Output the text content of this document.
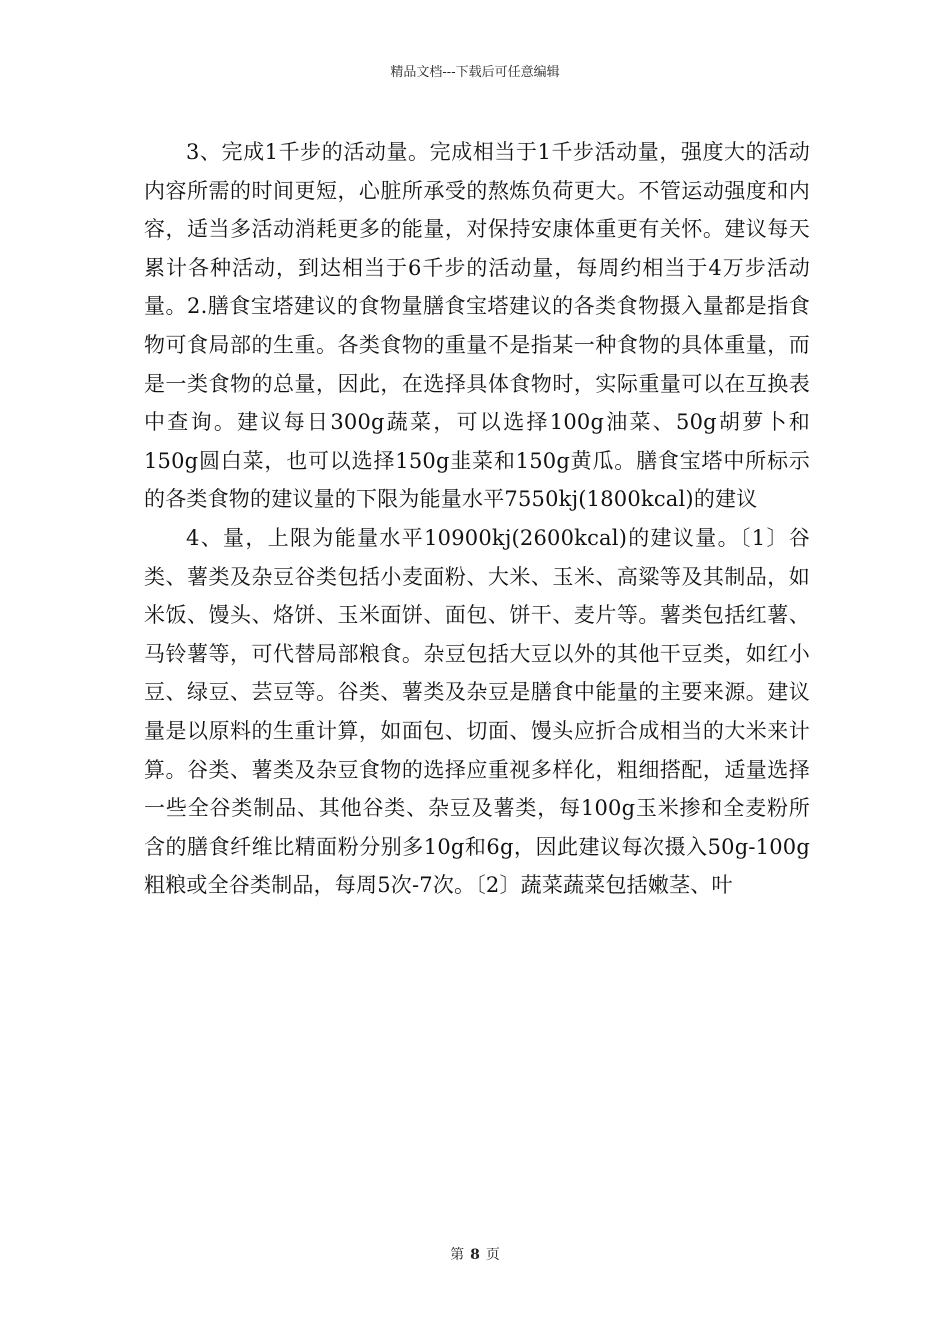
精品文档---下载后可任意编辑

3、完成1千步的活动量。完成相当于1千步活动量，强度大的活动内容所需的时间更短，心脏所承受的熬炼负荷更大。不管运动强度和内容，适当多活动消耗更多的能量，对保持安康体重更有关怀。建议每天累计各种活动，到达相当于6千步的活动量，每周约相当于4万步活动量。2.膳食宝塔建议的食物量膳食宝塔建议的各类食物摄入量都是指食物可食局部的生重。各类食物的重量不是指某一种食物的具体重量，而是一类食物的总量，因此，在选择具体食物时，实际重量可以在互换表中查询。建议每日300g蔬菜，可以选择100g油菜、50g胡萝卜和150g圆白菜，也可以选择150g韭菜和150g黄瓜。膳食宝塔中所标示的各类食物的建议量的下限为能量水平7550kj(1800kcal)的建议

4、量，上限为能量水平10900kj(2600kcal)的建议量。〔1〕谷类、薯类及杂豆谷类包括小麦面粉、大米、玉米、高粱等及其制品，如米饭、馒头、烙饼、玉米面饼、面包、饼干、麦片等。薯类包括红薯、马铃薯等，可代替局部粮食。杂豆包括大豆以外的其他干豆类，如红小豆、绿豆、芸豆等。谷类、薯类及杂豆是膳食中能量的主要来源。建议量是以原料的生重计算，如面包、切面、馒头应折合成相当的大米来计算。谷类、薯类及杂豆食物的选择应重视多样化，粗细搭配，适量选择一些全谷类制品、其他谷类、杂豆及薯类，每100g玉米掺和全麦粉所含的膳食纤维比精面粉分别多10g和6g，因此建议每次摄入50g-100g粗粮或全谷类制品，每周5次-7次。〔2〕蔬菜蔬菜包括嫩茎、叶

第 8 页
